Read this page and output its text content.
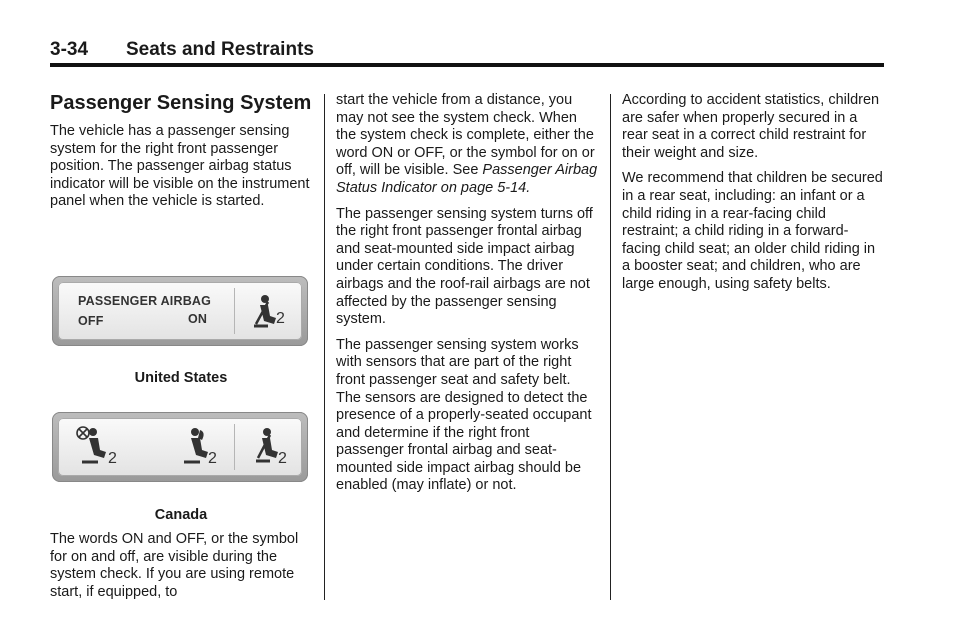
3-34 Seats and Restraints
Passenger Sensing System

The vehicle has a passenger sensing system for the right front passenger position. The passenger airbag status indicator will be visible on the instrument panel when the vehicle is started.

PASSENGER AIRBAG
OFF	ON	2
United States
2	2	2
Canada

The words ON and OFF, or the symbol for on and off, are visible during the system check. If you are using remote start, if equipped, to

start the vehicle from a distance, you may not see the system check. When the system check is complete, either the word ON or OFF, or the symbol for on or off, will be visible. See Passenger Airbag Status Indicator on page 5-14.

The passenger sensing system turns off the right front passenger frontal airbag and seat-mounted side impact airbag under certain conditions. The driver airbags and the roof-rail airbags are not affected by the passenger sensing system.

The passenger sensing system works with sensors that are part of the right front passenger seat and safety belt. The sensors are designed to detect the presence of a properly-seated occupant and determine if the right front passenger frontal airbag and seat-mounted side impact airbag should be enabled (may inflate) or not.

According to accident statistics, children are safer when properly secured in a rear seat in a correct child restraint for their weight and size.

We recommend that children be secured in a rear seat, including: an infant or a child riding in a rear-facing child restraint; a child riding in a forward-facing child seat; an older child riding in a booster seat; and children, who are large enough, using safety belts.
